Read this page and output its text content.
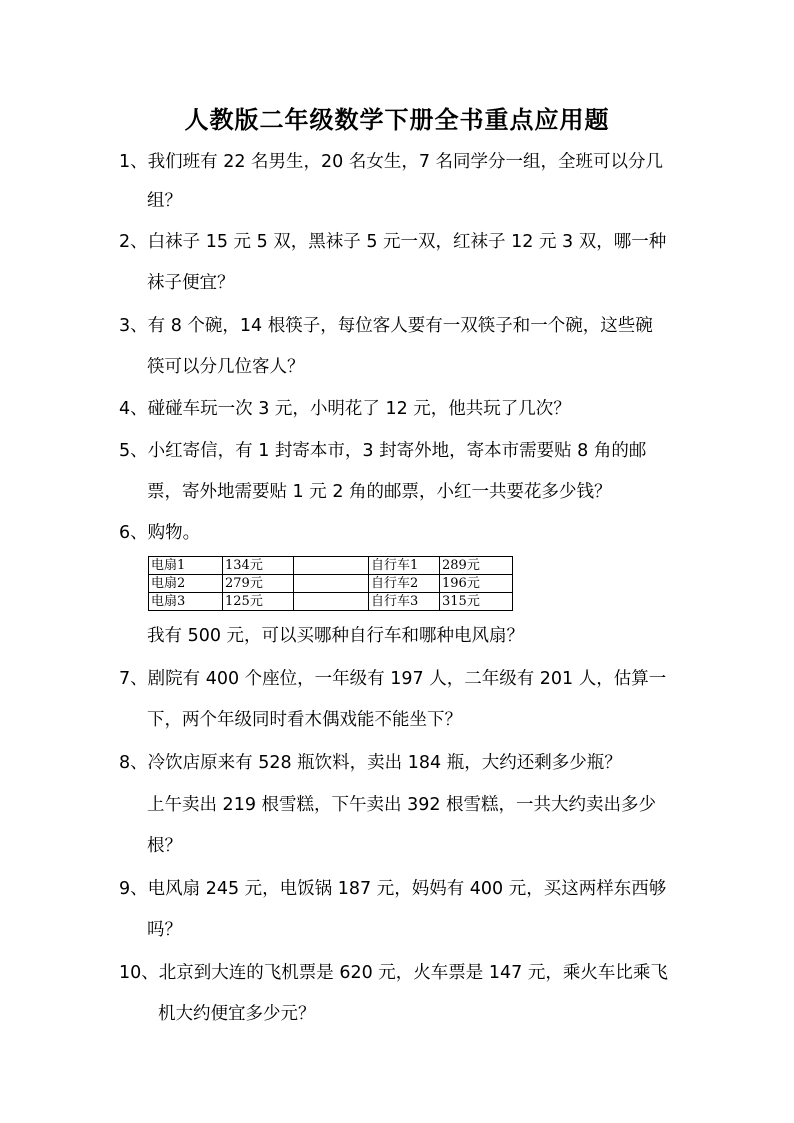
人教版二年级数学下册全书重点应用题
1、我们班有 22 名男生，20 名女生，7 名同学分一组，全班可以分几
组？
2、白袜子 15 元 5 双，黑袜子 5 元一双，红袜子 12 元 3 双，哪一种
袜子便宜？
3、有 8 个碗，14 根筷子，每位客人要有一双筷子和一个碗，这些碗
筷可以分几位客人？
4、碰碰车玩一次 3 元，小明花了 12 元，他共玩了几次？
5、小红寄信，有 1 封寄本市，3 封寄外地，寄本市需要贴 8 角的邮
票，寄外地需要贴 1 元 2 角的邮票，小红一共要花多少钱？
6、购物。
电扇1	134元		自行车1	289元
电扇2	279元		自行车2	196元
电扇3	125元		自行车3	315元
我有 500 元，可以买哪种自行车和哪种电风扇？
7、剧院有 400 个座位，一年级有 197 人，二年级有 201 人，估算一
下，两个年级同时看木偶戏能不能坐下？
8、冷饮店原来有 528 瓶饮料，卖出 184 瓶，大约还剩多少瓶？
上午卖出 219 根雪糕，下午卖出 392 根雪糕，一共大约卖出多少
根？
9、电风扇 245 元，电饭锅 187 元，妈妈有 400 元，买这两样东西够
吗？
10、北京到大连的飞机票是 620 元，火车票是 147 元，乘火车比乘飞
机大约便宜多少元？
